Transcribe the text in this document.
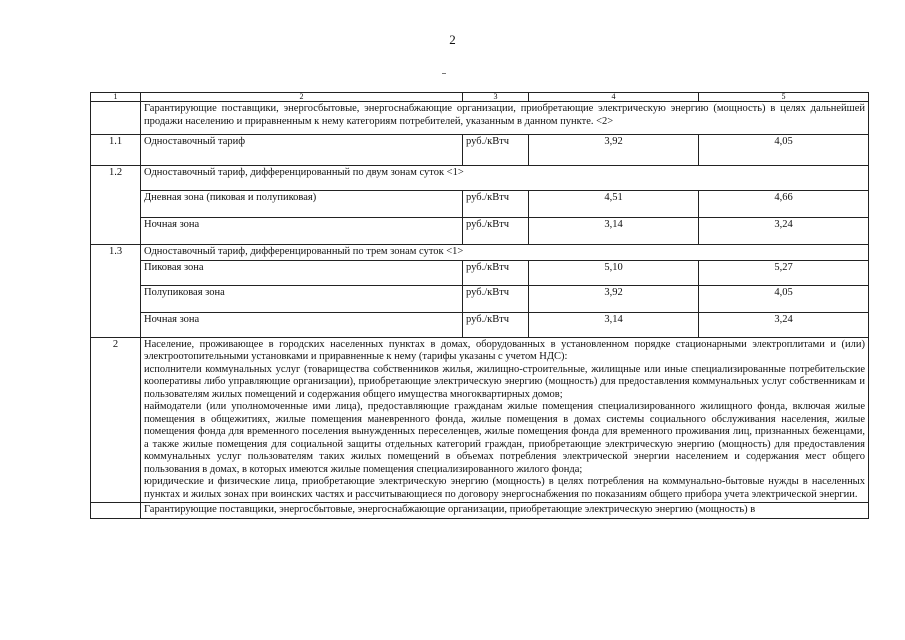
2
1	2	3	4	5
	Гарантирующие поставщики, энергосбытовые, энергоснабжающие организации, приобретающие электрическую энергию (мощность) в целях дальнейшей продажи населению и приравненным к нему категориям потребителей, указанным в данном пункте. <2>			
1.1	Одноставочный тариф	руб./кВтч	3,92	4,05
1.2	Одноставочный тариф, дифференцированный по двум зонам суток <1>			
	Дневная зона (пиковая и полупиковая)	руб./кВтч	4,51	4,66
	Ночная зона	руб./кВтч	3,14	3,24
1.3	Одноставочный тариф, дифференцированный по трем зонам суток <1>			
	Пиковая зона	руб./кВтч	5,10	5,27
	Полупиковая зона	руб./кВтч	3,92	4,05
	Ночная зона	руб./кВтч	3,14	3,24
2	Население, проживающее в городских населенных пунктах в домах, оборудованных в установленном порядке стационарными электроплитами и (или) электроотопительными установками и приравненные к нему (тарифы указаны с учетом НДС):
исполнители коммунальных услуг (товарищества собственников жилья, жилищно-строительные, жилищные или иные специализированные потребительские кооперативы либо управляющие организации), приобретающие электрическую энергию (мощность) для предоставления коммунальных услуг собственникам и пользователям жилых помещений и содержания общего имущества многоквартирных домов;
наймодатели (или уполномоченные ими лица), предоставляющие гражданам жилые помещения специализированного жилищного фонда, включая жилые помещения в общежитиях, жилые помещения маневренного фонда, жилые помещения в домах системы социального обслуживания населения, жилые помещения фонда для временного поселения вынужденных переселенцев, жилые помещения фонда для временного проживания лиц, признанных беженцами, а также жилые помещения для социальной защиты отдельных категорий граждан, приобретающие электрическую энергию (мощность) для предоставления коммунальных услуг пользователям таких жилых помещений в объемах потребления электрической энергии населением и содержания мест общего пользования в домах, в которых имеются жилые помещения специализированного жилого фонда;
юридические и физические лица, приобретающие электрическую энергию (мощность) в целях потребления на коммунально-бытовые нужды в населенных пунктах и жилых зонах при воинских частях и рассчитывающиеся по договору энергоснабжения по показаниям общего прибора учета электрической энергии.			

	Гарантирующие поставщики, энергосбытовые, энергоснабжающие организации, приобретающие электрическую энергию (мощность) в			
